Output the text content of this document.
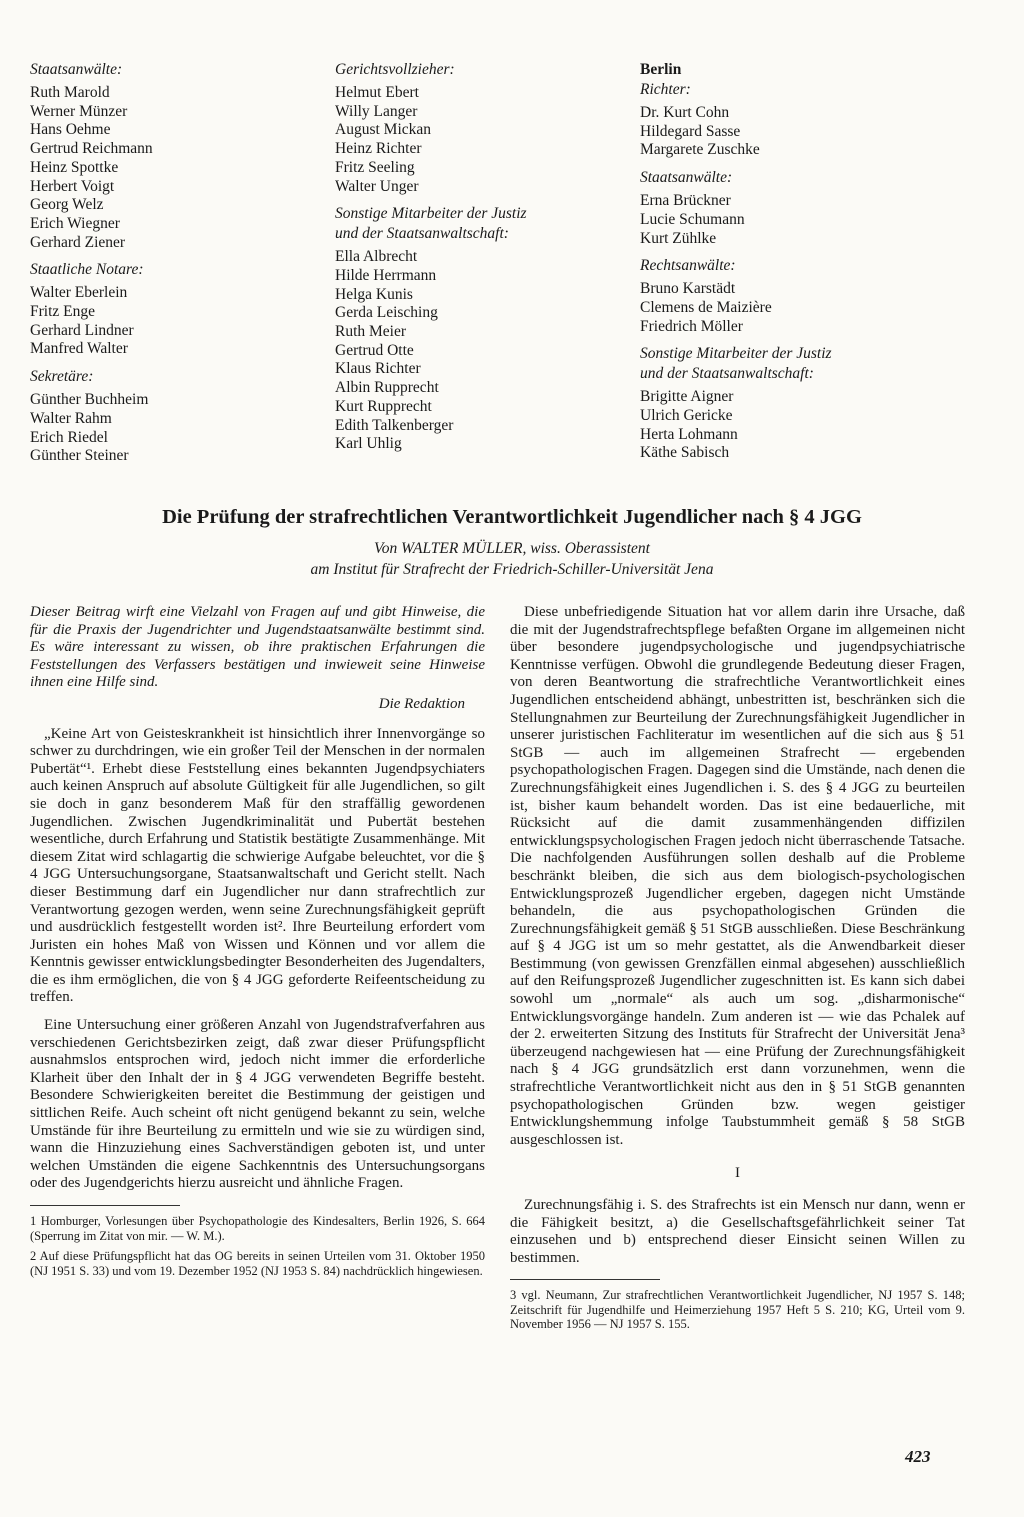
Staatsanwälte:
Ruth Marold
Werner Münzer
Hans Oehme
Gertrud Reichmann
Heinz Spottke
Herbert Voigt
Georg Welz
Erich Wiegner
Gerhard Ziener
Staatliche Notare:
Walter Eberlein
Fritz Enge
Gerhard Lindner
Manfred Walter
Sekretäre:
Günther Buchheim
Walter Rahm
Erich Riedel
Günther Steiner
Gerichtsvollzieher:
Helmut Ebert
Willy Langer
August Mickan
Heinz Richter
Fritz Seeling
Walter Unger
Sonstige Mitarbeiter der Justiz
und der Staatsanwaltschaft:
Ella Albrecht
Hilde Herrmann
Helga Kunis
Gerda Leisching
Ruth Meier
Gertrud Otte
Klaus Richter
Albin Rupprecht
Kurt Rupprecht
Edith Talkenberger
Karl Uhlig
Berlin
Richter:
Dr. Kurt Cohn
Hildegard Sasse
Margarete Zuschke
Staatsanwälte:
Erna Brückner
Lucie Schumann
Kurt Zühlke
Rechtsanwälte:
Bruno Karstädt
Clemens de Maizière
Friedrich Möller
Sonstige Mitarbeiter der Justiz
und der Staatsanwaltschaft:
Brigitte Aigner
Ulrich Gericke
Herta Lohmann
Käthe Sabisch
Die Prüfung der strafrechtlichen Verantwortlichkeit Jugendlicher nach § 4 JGG
Von WALTER MÜLLER, wiss. Oberassistent
am Institut für Strafrecht der Friedrich-Schiller-Universität Jena

Dieser Beitrag wirft eine Vielzahl von Fragen auf und gibt Hinweise, die für die Praxis der Jugendrichter und Jugendstaatsanwälte bestimmt sind. Es wäre interessant zu wissen, ob ihre praktischen Erfahrungen die Feststellungen des Verfassers bestätigen und inwieweit seine Hinweise ihnen eine Hilfe sind.

Die Redaktion

„Keine Art von Geisteskrankheit ist hinsichtlich ihrer Innenvorgänge so schwer zu durchdringen, wie ein großer Teil der Menschen in der normalen Pubertät“¹. Erhebt diese Feststellung eines bekannten Jugendpsychiaters auch keinen Anspruch auf absolute Gültigkeit für alle Jugendlichen, so gilt sie doch in ganz besonderem Maß für den straffällig gewordenen Jugendlichen. Zwischen Jugendkriminalität und Pubertät bestehen wesentliche, durch Erfahrung und Statistik bestätigte Zusammenhänge. Mit diesem Zitat wird schlagartig die schwierige Aufgabe beleuchtet, vor die § 4 JGG Untersuchungsorgane, Staatsanwaltschaft und Gericht stellt. Nach dieser Bestimmung darf ein Jugendlicher nur dann strafrechtlich zur Verantwortung gezogen werden, wenn seine Zurechnungsfähigkeit geprüft und ausdrücklich festgestellt worden ist². Ihre Beurteilung erfordert vom Juristen ein hohes Maß von Wissen und Können und vor allem die Kenntnis gewisser entwicklungsbedingter Besonderheiten des Jugendalters, die es ihm ermöglichen, die von § 4 JGG geforderte Reifeentscheidung zu treffen.

Eine Untersuchung einer größeren Anzahl von Jugendstrafverfahren aus verschiedenen Gerichtsbezirken zeigt, daß zwar dieser Prüfungspflicht ausnahmslos entsprochen wird, jedoch nicht immer die erforderliche Klarheit über den Inhalt der in § 4 JGG verwendeten Begriffe besteht. Besondere Schwierigkeiten bereitet die Bestimmung der geistigen und sittlichen Reife. Auch scheint oft nicht genügend bekannt zu sein, welche Umstände für ihre Beurteilung zu ermitteln und wie sie zu würdigen sind, wann die Hinzuziehung eines Sachverständigen geboten ist, und unter welchen Umständen die eigene Sachkenntnis des Untersuchungsorgans oder des Jugendgerichts hierzu ausreicht und ähnliche Fragen.

1 Homburger, Vorlesungen über Psychopathologie des Kindesalters, Berlin 1926, S. 664 (Sperrung im Zitat von mir. — W. M.).
2 Auf diese Prüfungspflicht hat das OG bereits in seinen Urteilen vom 31. Oktober 1950 (NJ 1951 S. 33) und vom 19. Dezember 1952 (NJ 1953 S. 84) nachdrücklich hingewiesen.

Diese unbefriedigende Situation hat vor allem darin ihre Ursache, daß die mit der Jugendstrafrechtspflege befaßten Organe im allgemeinen nicht über besondere jugendpsychologische und jugendpsychiatrische Kenntnisse verfügen. Obwohl die grundlegende Bedeutung dieser Fragen, von deren Beantwortung die strafrechtliche Verantwortlichkeit eines Jugendlichen entscheidend abhängt, unbestritten ist, beschränken sich die Stellungnahmen zur Beurteilung der Zurechnungsfähigkeit Jugendlicher in unserer juristischen Fachliteratur im wesentlichen auf die sich aus § 51 StGB — auch im allgemeinen Strafrecht — ergebenden psychopathologischen Fragen. Dagegen sind die Umstände, nach denen die Zurechnungsfähigkeit eines Jugendlichen i. S. des § 4 JGG zu beurteilen ist, bisher kaum behandelt worden. Das ist eine bedauerliche, mit Rücksicht auf die damit zusammenhängenden diffizilen entwicklungspsychologischen Fragen jedoch nicht überraschende Tatsache. Die nachfolgenden Ausführungen sollen deshalb auf die Probleme beschränkt bleiben, die sich aus dem biologisch-psychologischen Entwicklungsprozeß Jugendlicher ergeben, dagegen nicht Umstände behandeln, die aus psychopathologischen Gründen die Zurechnungsfähigkeit gemäß § 51 StGB ausschließen. Diese Beschränkung auf § 4 JGG ist um so mehr gestattet, als die Anwendbarkeit dieser Bestimmung (von gewissen Grenzfällen einmal abgesehen) ausschließlich auf den Reifungsprozeß Jugendlicher zugeschnitten ist. Es kann sich dabei sowohl um „normale“ als auch um sog. „disharmonische“ Entwicklungsvorgänge handeln. Zum anderen ist — wie das Pchalek auf der 2. erweiterten Sitzung des Instituts für Strafrecht der Universität Jena³ überzeugend nachgewiesen hat — eine Prüfung der Zurechnungsfähigkeit nach § 4 JGG grundsätzlich erst dann vorzunehmen, wenn die strafrechtliche Verantwortlichkeit nicht aus den in § 51 StGB genannten psychopathologischen Gründen bzw. wegen geistiger Entwicklungshemmung infolge Taubstummheit gemäß § 58 StGB ausgeschlossen ist.

I

Zurechnungsfähig i. S. des Strafrechts ist ein Mensch nur dann, wenn er die Fähigkeit besitzt, a) die Gesellschaftsgefährlichkeit seiner Tat einzusehen und b) entsprechend dieser Einsicht seinen Willen zu bestimmen.

3 vgl. Neumann, Zur strafrechtlichen Verantwortlichkeit Jugendlicher, NJ 1957 S. 148; Zeitschrift für Jugendhilfe und Heimerziehung 1957 Heft 5 S. 210; KG, Urteil vom 9. November 1956 — NJ 1957 S. 155.
423
